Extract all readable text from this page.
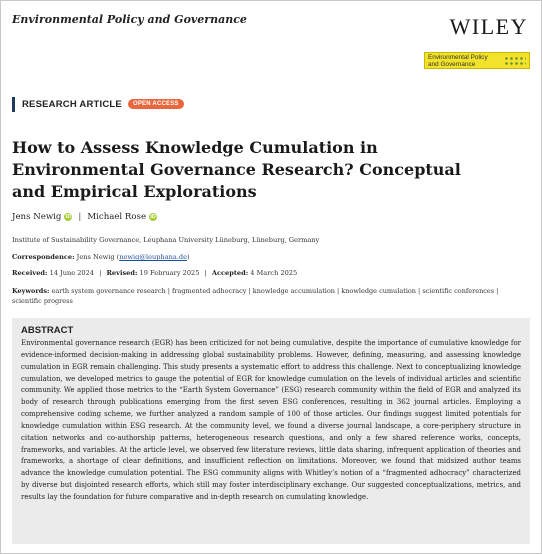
Environmental Policy and Governance	WILEY
Environmental Policy and Governance
RESEARCH ARTICLE	OPEN ACCESS
How to Assess Knowledge Cumulation in Environmental Governance Research? Conceptual and Empirical Explorations
Jens Newig iD | Michael Rose iD
Institute of Sustainability Governance, Leuphana University Lüneburg, Lüneburg, Germany
Correspondence: Jens Newig (newig@leuphana.de)
Received: 14 June 2024 | Revised: 19 February 2025 | Accepted: 4 March 2025
Keywords: earth system governance research | fragmented adhocracy | knowledge accumulation | knowledge cumulation | scientific conferences | scientific progress
ABSTRACT

Environmental governance research (EGR) has been criticized for not being cumulative, despite the importance of cumulative knowledge for evidence-informed decision-making in addressing global sustainability problems. However, defining, measuring, and assessing knowledge cumulation in EGR remain challenging. This study presents a systematic effort to address this challenge. Next to conceptualizing knowledge cumulation, we developed metrics to gauge the potential of EGR for knowledge cumulation on the levels of individual articles and scientific community. We applied those metrics to the “Earth System Governance” (ESG) research community within the field of EGR and analyzed its body of research through publications emerging from the first seven ESG conferences, resulting in 362 journal articles. Employing a comprehensive coding scheme, we further analyzed a random sample of 100 of those articles. Our findings suggest limited potentials for knowledge cumulation within ESG research. At the community level, we found a diverse journal landscape, a core-periphery structure in citation networks and co-authorship patterns, heterogeneous research questions, and only a few shared reference works, concepts, frameworks, and variables. At the article level, we observed few literature reviews, little data sharing, infrequent application of theories and frameworks, a shortage of clear definitions, and insufficient reflection on limitations. Moreover, we found that midsized author teams advance the knowledge cumulation potential. The ESG community aligns with Whitley’s notion of a “fragmented adhocracy” characterized by diverse but disjointed research efforts, which still may foster interdisciplinary exchange. Our suggested conceptualizations, metrics, and results lay the foundation for future comparative and in-depth research on cumulating knowledge.
